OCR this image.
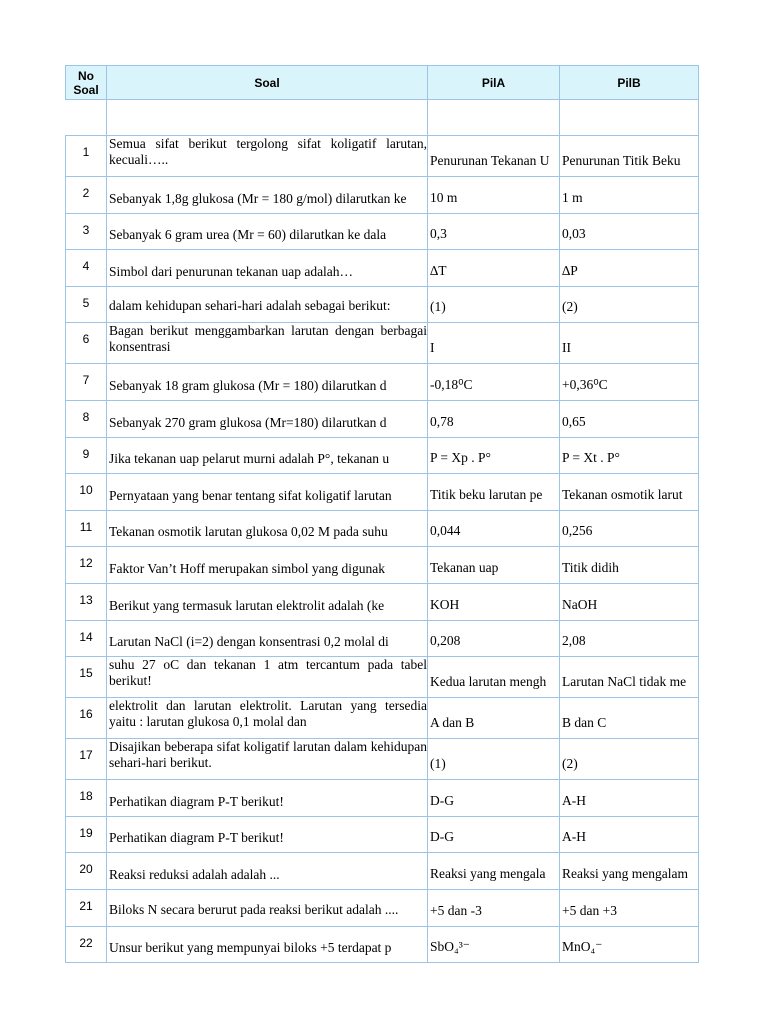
No Soal	Soal	PilA	PilB

1	Semua sifat berikut tergolong sifat koligatif larutan, kecuali…..	Penurunan Tekanan U	Penurunan Titik Beku

2	Sebanyak 1,8g glukosa (Mr = 180 g/mol) dilarutkan ke	10 m	1 m

3	Sebanyak 6 gram urea (Mr = 60) dilarutkan ke dala	0,3	0,03

4	Simbol dari penurunan tekanan uap adalah…	∆T	∆P

5	dalam kehidupan sehari-hari adalah sebagai berikut:	(1)	(2)

6	Bagan berikut menggambarkan larutan dengan berbagai konsentrasi	I	II

7	Sebanyak 18 gram glukosa (Mr = 180) dilarutkan d	-0,18⁰C	+0,36⁰C

8	Sebanyak 270 gram glukosa (Mr=180) dilarutkan d	0,78	0,65

9	Jika tekanan uap pelarut murni adalah P°, tekanan u	P = Xp . P°	P = Xt . P°

10	Pernyataan yang benar tentang sifat koligatif larutan	Titik beku larutan pe	Tekanan osmotik larut

11	Tekanan osmotik larutan glukosa 0,02 M pada suhu	0,044	0,256

12	Faktor Van’t Hoff merupakan simbol yang digunak	Tekanan uap	Titik didih

13	Berikut yang termasuk larutan elektrolit adalah (ke	KOH	NaOH

14	Larutan NaCl (i=2) dengan konsentrasi 0,2 molal di	0,208	2,08

15	suhu 27 oC dan tekanan 1 atm tercantum pada tabel berikut!	Kedua larutan mengh	Larutan NaCl tidak me

16	elektrolit dan larutan elektrolit. Larutan yang tersedia yaitu : larutan glukosa 0,1 molal dan	A dan B	B dan C

17	Disajikan beberapa sifat koligatif larutan dalam kehidupan sehari-hari berikut.	(1)	(2)

18	Perhatikan diagram P-T berikut!	D-G	A-H

19	Perhatikan diagram P-T berikut!	D-G	A-H

20	Reaksi reduksi adalah adalah ...	Reaksi yang mengala	Reaksi yang mengalam

21	Biloks N secara berurut pada reaksi berikut adalah ....	+5 dan -3	+5 dan +3

22	Unsur berikut yang mempunyai biloks +5 terdapat p	SbO₄³⁻	MnO₄⁻
